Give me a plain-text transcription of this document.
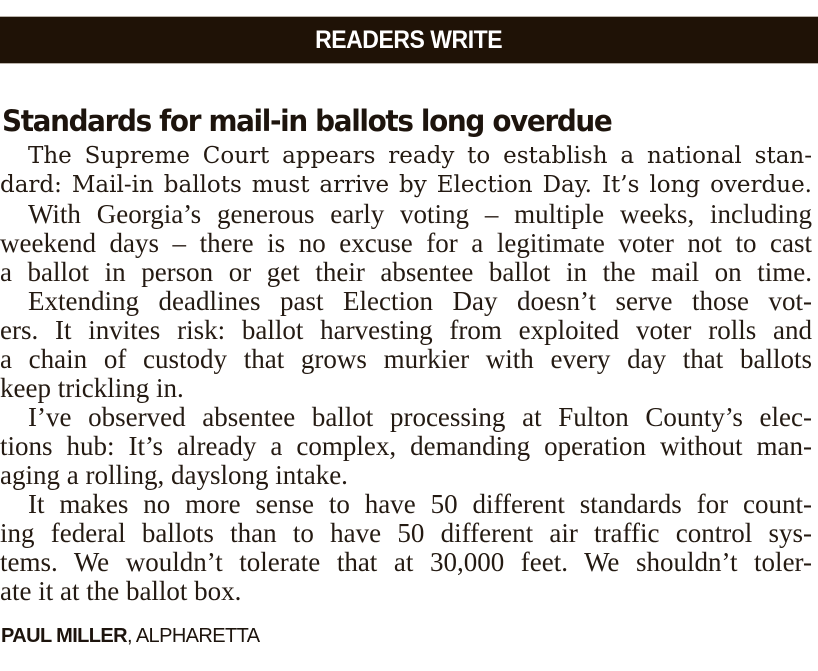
READERS WRITE
Standards for mail-in ballots long overdue
The Supreme Court appears ready to establish a national stan-
dard: Mail-in ballots must arrive by Election Day. It’s long overdue.
With Georgia’s generous early voting – multiple weeks, including
weekend days – there is no excuse for a legitimate voter not to cast
a ballot in person or get their absentee ballot in the mail on time.
Extending deadlines past Election Day doesn’t serve those vot-
ers. It invites risk: ballot harvesting from exploited voter rolls and
a chain of custody that grows murkier with every day that ballots
keep trickling in.
I’ve observed absentee ballot processing at Fulton County’s elec-
tions hub: It’s already a complex, demanding operation without man-
aging a rolling, dayslong intake.
It makes no more sense to have 50 different standards for count-
ing federal ballots than to have 50 different air traffic control sys-
tems. We wouldn’t tolerate that at 30,000 feet. We shouldn’t toler-
ate it at the ballot box.
PAUL MILLER, ALPHARETTA
